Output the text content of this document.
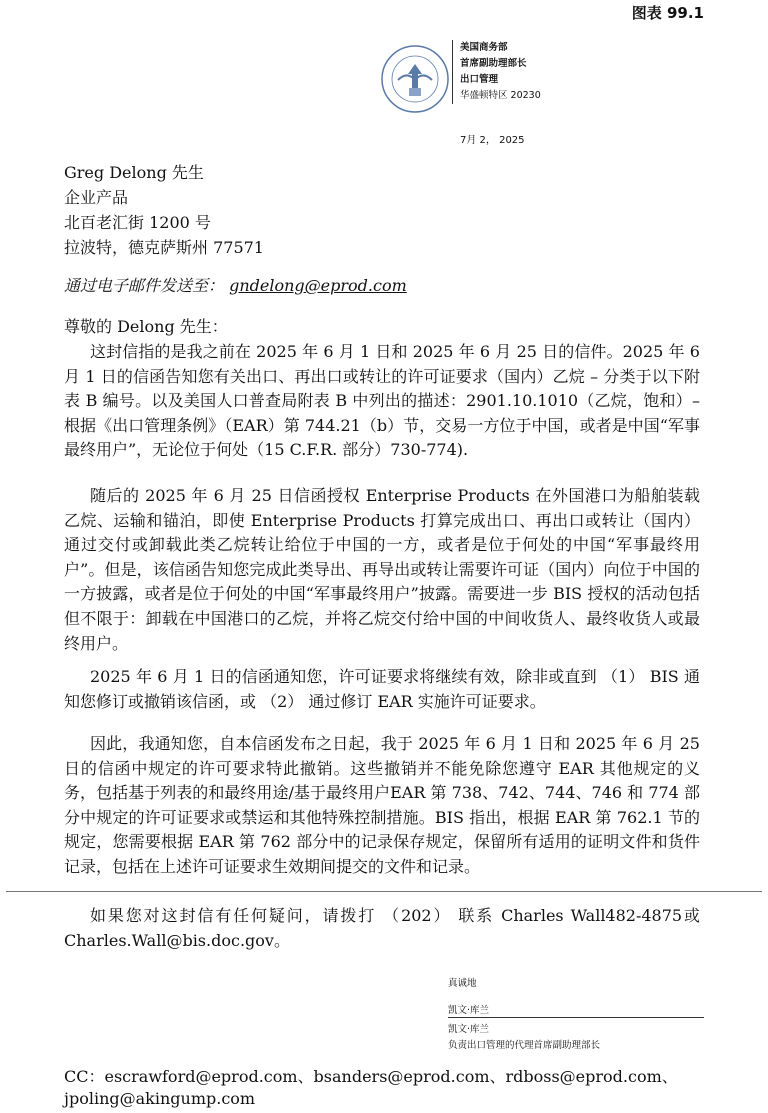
图表 99.1
美国商务部
首席副助理部长
出口管理
华盛顿特区 20230
7月 2， 2025
Greg Delong 先生
企业产品
北百老汇街 1200 号
拉波特，德克萨斯州 77571
通过电子邮件发送至： gndelong@eprod.com
尊敬的 Delong 先生：

这封信指的是我之前在 2025 年 6 月 1 日和 2025 年 6 月 25 日的信件。2025 年 6 月 1 日的信函告知您有关出口、再出口或转让的许可证要求（国内）乙烷 – 分类于以下附表 B 编号。以及美国人口普查局附表 B 中列出的描述：2901.10.1010（乙烷，饱和）– 根据《出口管理条例》（EAR）第 744.21（b）节，交易一方位于中国，或者是中国“军事最终用户”，无论位于何处（15 C.F.R. 部分）730-774).

随后的 2025 年 6 月 25 日信函授权 Enterprise Products 在外国港口为船舶装载乙烷、运输和锚泊，即使 Enterprise Products 打算完成出口、再出口或转让（国内）通过交付或卸载此类乙烷转让给位于中国的一方，或者是位于何处的中国“军事最终用户”。但是，该信函告知您完成此类导出、再导出或转让需要许可证（国内）向位于中国的一方披露，或者是位于何处的中国“军事最终用户”披露。需要进一步 BIS 授权的活动包括但不限于：卸载在中国港口的乙烷，并将乙烷交付给中国的中间收货人、最终收货人或最终用户。

2025 年 6 月 1 日的信函通知您，许可证要求将继续有效，除非或直到 （1） BIS 通知您修订或撤销该信函，或 （2） 通过修订 EAR 实施许可证要求。

因此，我通知您，自本信函发布之日起，我于 2025 年 6 月 1 日和 2025 年 6 月 25 日的信函中规定的许可要求特此撤销。这些撤销并不能免除您遵守 EAR 其他规定的义务，包括基于列表的和最终用途/基于最终用户EAR 第 738、742、744、746 和 774 部分中规定的许可证要求或禁运和其他特殊控制措施。BIS 指出，根据 EAR 第 762.1 节的规定，您需要根据 EAR 第 762 部分中的记录保存规定，保留所有适用的证明文件和货件记录，包括在上述许可证要求生效期间提交的文件和记录。

如果您对这封信有任何疑问，请拨打 （202） 联系 Charles Wall482-4875或 Charles.Wall@bis.doc.gov。

真诚地
凯文·库兰
凯文·库兰
负责出口管理的代理首席副助理部长
CC：escrawford@eprod.com、bsanders@eprod.com、rdboss@eprod.com、jpoling@akingump.com
